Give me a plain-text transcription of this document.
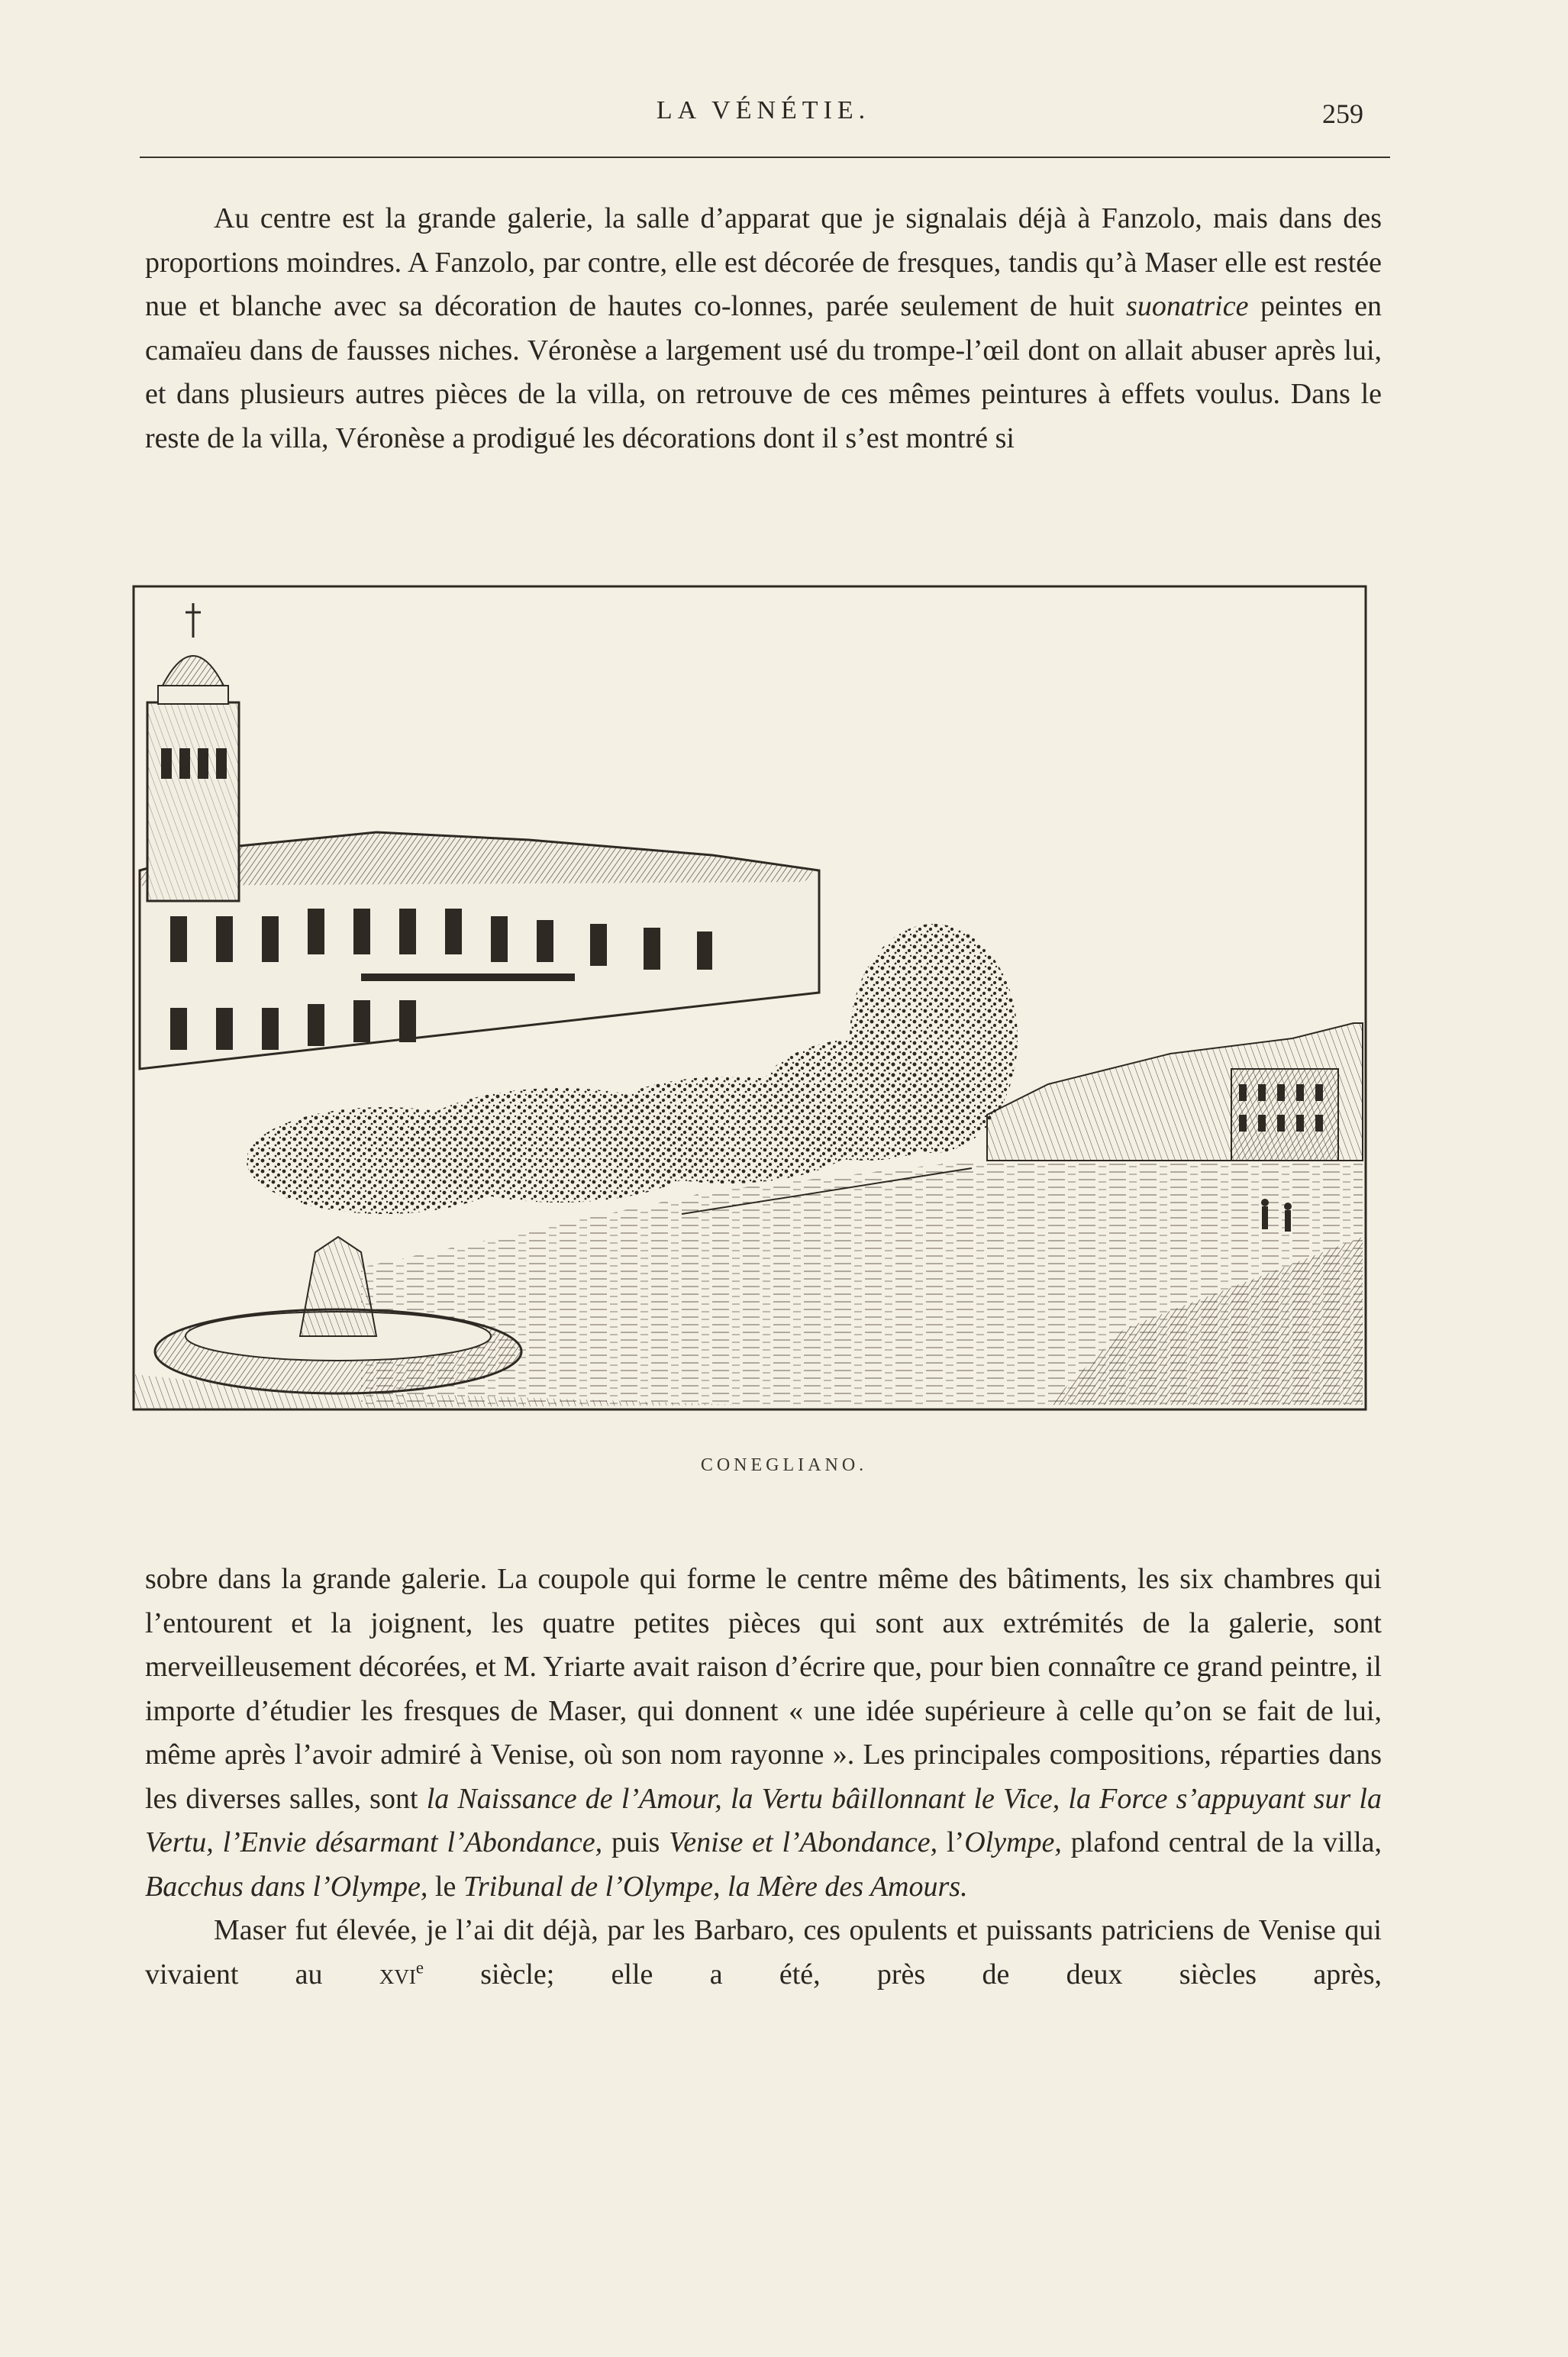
LA VÉNÉTIE.	259

Au centre est la grande galerie, la salle d’apparat que je signalais déjà à Fanzolo, mais dans des proportions moindres. A Fanzolo, par contre, elle est décorée de fresques, tandis qu’à Maser elle est restée nue et blanche avec sa décoration de hautes co-lonnes, parée seulement de huit suonatrice peintes en camaïeu dans de fausses niches. Véronèse a largement usé du trompe-l’œil dont on allait abuser après lui, et dans plusieurs autres pièces de la villa, on retrouve de ces mêmes peintures à effets voulus. Dans le reste de la villa, Véronèse a prodigué les décorations dont il s’est montré si

CONEGLIANO.

sobre dans la grande galerie. La coupole qui forme le centre même des bâtiments, les six chambres qui l’entourent et la joignent, les quatre petites pièces qui sont aux extrémités de la galerie, sont merveilleusement décorées, et M. Yriarte avait raison d’écrire que, pour bien connaître ce grand peintre, il importe d’étudier les fresques de Maser, qui donnent « une idée supérieure à celle qu’on se fait de lui, même après l’avoir admiré à Venise, où son nom rayonne ». Les principales compositions, réparties dans les diverses salles, sont la Naissance de l’Amour, la Vertu bâillonnant le Vice, la Force s’appuyant sur la Vertu, l’Envie désarmant l’Abondance, puis Venise et l’Abondance, l’Olympe, plafond central de la villa, Bacchus dans l’Olympe, le Tribunal de l’Olympe, la Mère des Amours.

Maser fut élevée, je l’ai dit déjà, par les Barbaro, ces opulents et puissants patriciens de Venise qui vivaient au xvi$^e$ siècle; elle a été, près de deux siècles après,
